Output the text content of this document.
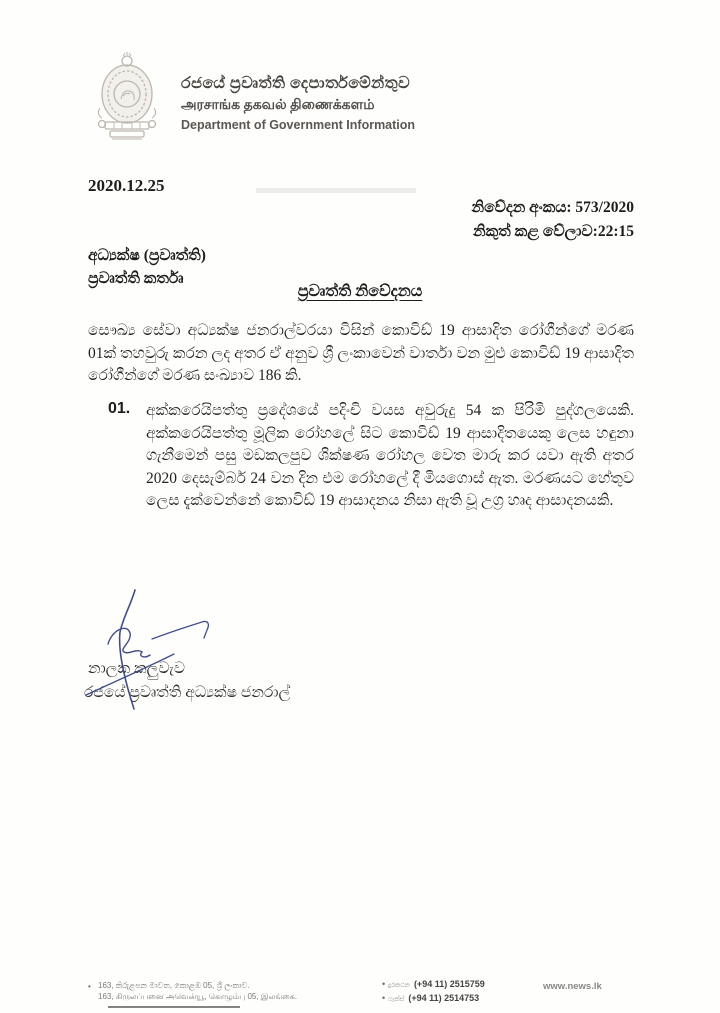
රජයේ ප්‍රවෘත්ති දෙපාර්තමේන්තුව
அரசாங்க தகவல் திணைக்களம்
Department of Government Information
2020.12.25
නිවේදන අංකය: 573/2020
නිකුත් කළ වේලාව:22:15
අධ්‍යක්ෂ (ප්‍රවෘත්ති)
ප්‍රවෘත්ති කර්තෘ
ප්‍රවෘත්ති නිවේදනය
සෞඛ්‍ය සේවා අධ්‍යක්ෂ ජනරාල්වරයා විසින් කොවිඩ් 19 ආසාදිත රෝගීන්ගේ මරණ 01ක් තහවුරු කරන ලද අතර ඒ අනුව ශ්‍රී ලංකාවෙන් වාර්තා වන මුළු කොවිඩ් 19 ආසාදිත රෝගීන්ගේ මරණ සංඛ්‍යාව 186 කි.
01.	අක්කරෙයිපත්තු ප්‍රදේශයේ පදිංචි වයස අවුරුදු 54 ක පිරිමි පුද්ගලයෙකි. අක්කරෙයිපත්තු මූලික රෝහලේ සිට කොවිඩ් 19 ආසාදිතයෙකු ලෙස හඳුනා ගැනීමෙන් පසු මඩකලපුව ශික්ෂණ රෝහල වෙත මාරු කර යවා ඇති අතර 2020 දෙසැම්බර් 24 වන දින එම රෝහලේ දී මියගොස් ඇත. මරණයට හේතුව ලෙස දැක්වෙන්නේ කොවිඩ් 19 ආසාදනය නිසා ඇති වූ උග්‍ර හෘද ආසාදනයකි.
නාලක කලුවැව
රජයේ ප්‍රවෘත්ති අධ්‍යක්ෂ ජනරාල්
• 163, කිරුළපන මාවත, කොළඹ 05, ශ්‍රී ලංකාව.
163, கிருலப்பனை அவென்யூ, கொழும்பு 05, இலங்கை.
• දුරකථන (+94 11) 2515759
• ෆැක්ස් (+94 11) 2514753
www.news.lk
